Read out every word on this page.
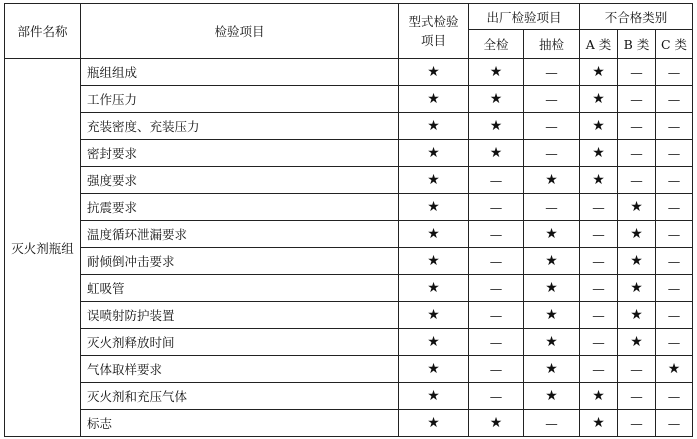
部件名称	检验项目	型式检验项目	出厂检验项目		不合格类别		
			全检	抽检	A 类	B 类	C 类
灭火剂瓶组	瓶组组成	★	★	—	★	—	—
	工作压力	★	★	—	★	—	—
	充装密度、充装压力	★	★	—	★	—	—
	密封要求	★	★	—	★	—	—
	强度要求	★	—	★	★	—	—
	抗震要求	★	—	—	—	★	—
	温度循环泄漏要求	★	—	★	—	★	—
	耐倾倒冲击要求	★	—	★	—	★	—
	虹吸管	★	—	★	—	★	—
	误喷射防护装置	★	—	★	—	★	—
	灭火剂释放时间	★	—	★	—	★	—
	气体取样要求	★	—	★	—	—	★
	灭火剂和充压气体	★	—	★	★	—	—
	标志	★	★	—	★	—	—
